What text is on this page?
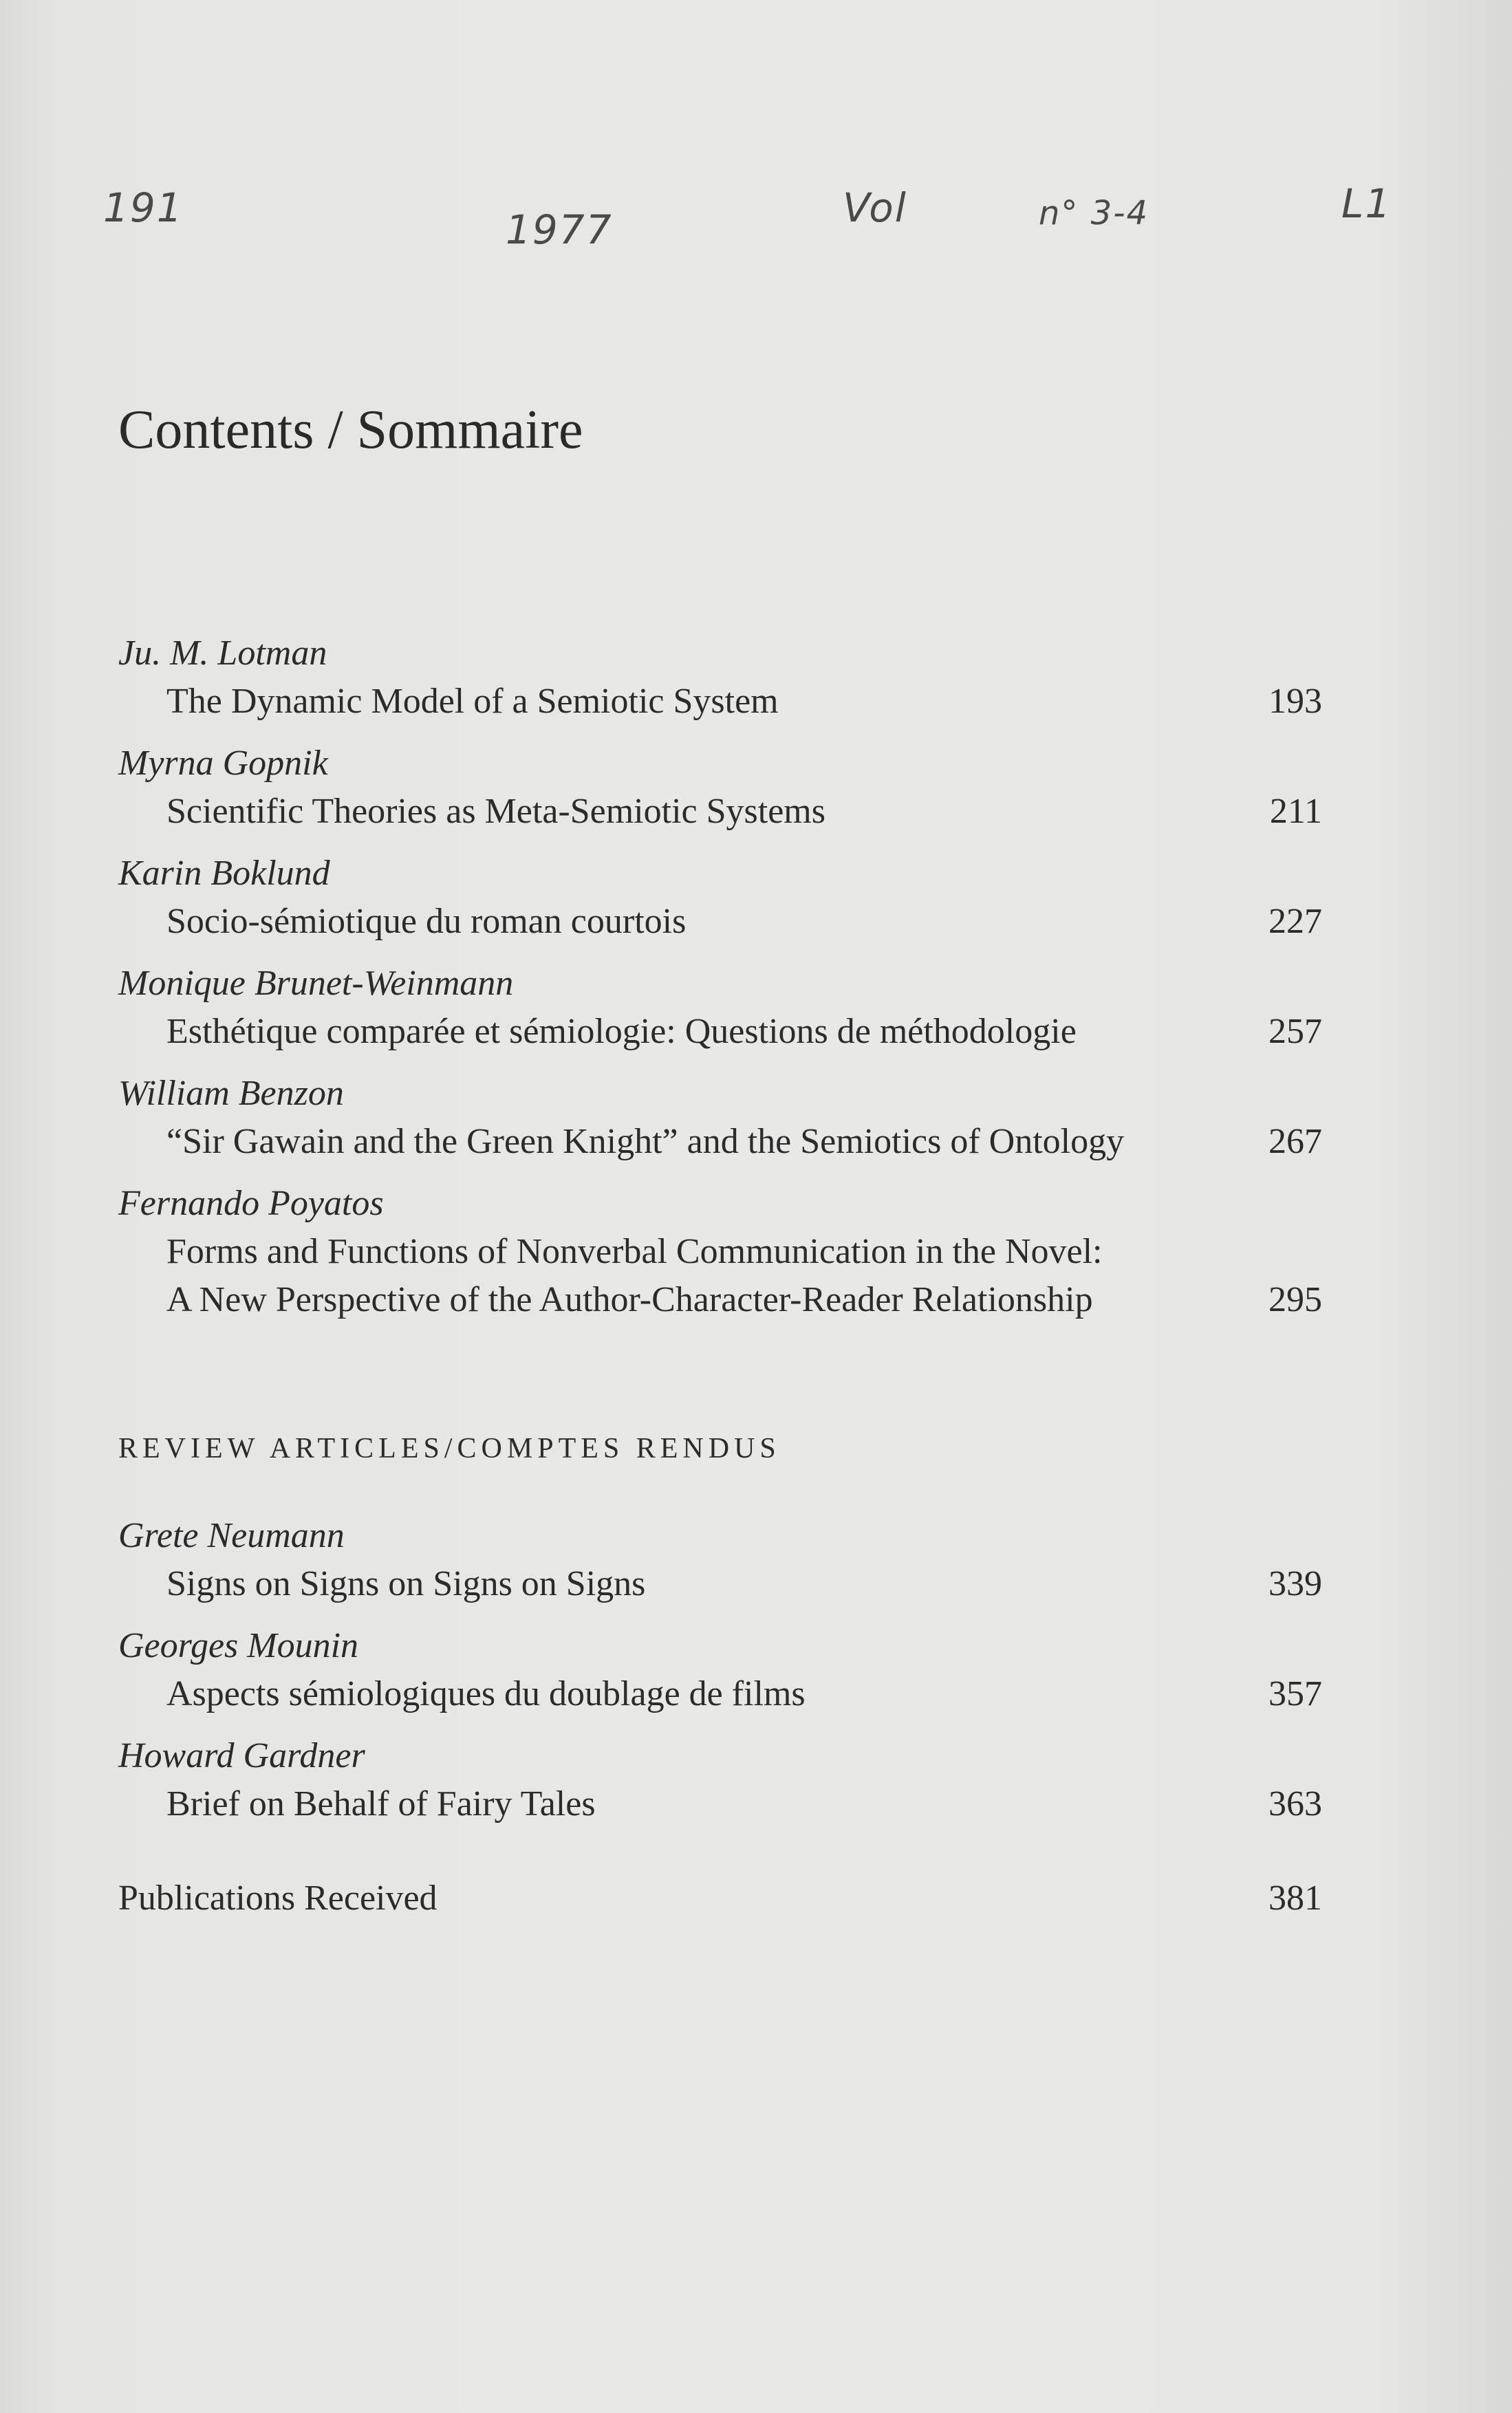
191	1977	Vol	n° 3-4	L1
Contents / Sommaire
Ju. M. Lotman
The Dynamic Model of a Semiotic System	193
Myrna Gopnik
Scientific Theories as Meta-Semiotic Systems	211
Karin Boklund
Socio-sémiotique du roman courtois	227
Monique Brunet-Weinmann
Esthétique comparée et sémiologie: Questions de méthodologie	257
William Benzon
“Sir Gawain and the Green Knight” and the Semiotics of Ontology	267
Fernando Poyatos
Forms and Functions of Nonverbal Communication in the Novel:
A New Perspective of the Author-Character-Reader Relationship	295
REVIEW ARTICLES/COMPTES RENDUS
Grete Neumann
Signs on Signs on Signs on Signs	339
Georges Mounin
Aspects sémiologiques du doublage de films	357
Howard Gardner
Brief on Behalf of Fairy Tales	363
Publications Received	381
